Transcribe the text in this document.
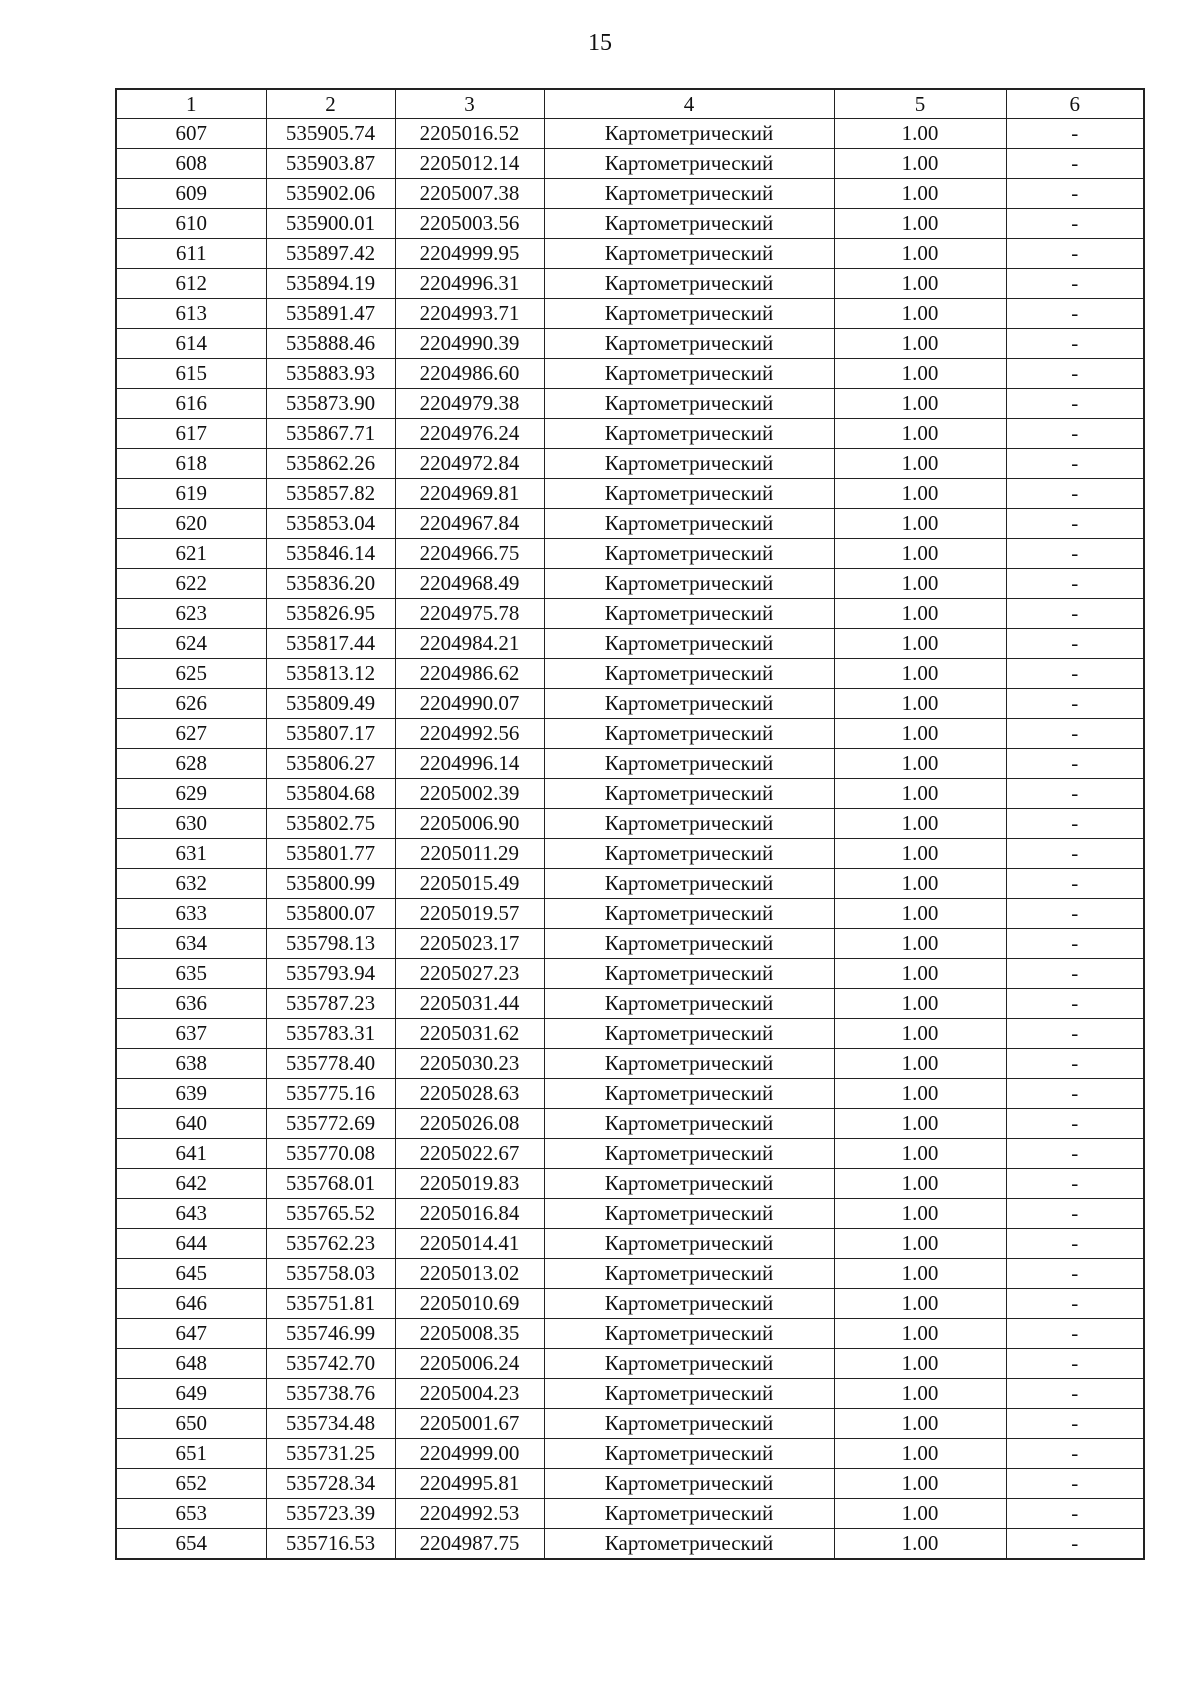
15
1	2	3	4	5	6
607	535905.74	2205016.52	Картометрический	1.00	-
608	535903.87	2205012.14	Картометрический	1.00	-
609	535902.06	2205007.38	Картометрический	1.00	-
610	535900.01	2205003.56	Картометрический	1.00	-
611	535897.42	2204999.95	Картометрический	1.00	-
612	535894.19	2204996.31	Картометрический	1.00	-
613	535891.47	2204993.71	Картометрический	1.00	-
614	535888.46	2204990.39	Картометрический	1.00	-
615	535883.93	2204986.60	Картометрический	1.00	-
616	535873.90	2204979.38	Картометрический	1.00	-
617	535867.71	2204976.24	Картометрический	1.00	-
618	535862.26	2204972.84	Картометрический	1.00	-
619	535857.82	2204969.81	Картометрический	1.00	-
620	535853.04	2204967.84	Картометрический	1.00	-
621	535846.14	2204966.75	Картометрический	1.00	-
622	535836.20	2204968.49	Картометрический	1.00	-
623	535826.95	2204975.78	Картометрический	1.00	-
624	535817.44	2204984.21	Картометрический	1.00	-
625	535813.12	2204986.62	Картометрический	1.00	-
626	535809.49	2204990.07	Картометрический	1.00	-
627	535807.17	2204992.56	Картометрический	1.00	-
628	535806.27	2204996.14	Картометрический	1.00	-
629	535804.68	2205002.39	Картометрический	1.00	-
630	535802.75	2205006.90	Картометрический	1.00	-
631	535801.77	2205011.29	Картометрический	1.00	-
632	535800.99	2205015.49	Картометрический	1.00	-
633	535800.07	2205019.57	Картометрический	1.00	-
634	535798.13	2205023.17	Картометрический	1.00	-
635	535793.94	2205027.23	Картометрический	1.00	-
636	535787.23	2205031.44	Картометрический	1.00	-
637	535783.31	2205031.62	Картометрический	1.00	-
638	535778.40	2205030.23	Картометрический	1.00	-
639	535775.16	2205028.63	Картометрический	1.00	-
640	535772.69	2205026.08	Картометрический	1.00	-
641	535770.08	2205022.67	Картометрический	1.00	-
642	535768.01	2205019.83	Картометрический	1.00	-
643	535765.52	2205016.84	Картометрический	1.00	-
644	535762.23	2205014.41	Картометрический	1.00	-
645	535758.03	2205013.02	Картометрический	1.00	-
646	535751.81	2205010.69	Картометрический	1.00	-
647	535746.99	2205008.35	Картометрический	1.00	-
648	535742.70	2205006.24	Картометрический	1.00	-
649	535738.76	2205004.23	Картометрический	1.00	-
650	535734.48	2205001.67	Картометрический	1.00	-
651	535731.25	2204999.00	Картометрический	1.00	-
652	535728.34	2204995.81	Картометрический	1.00	-
653	535723.39	2204992.53	Картометрический	1.00	-
654	535716.53	2204987.75	Картометрический	1.00	-
